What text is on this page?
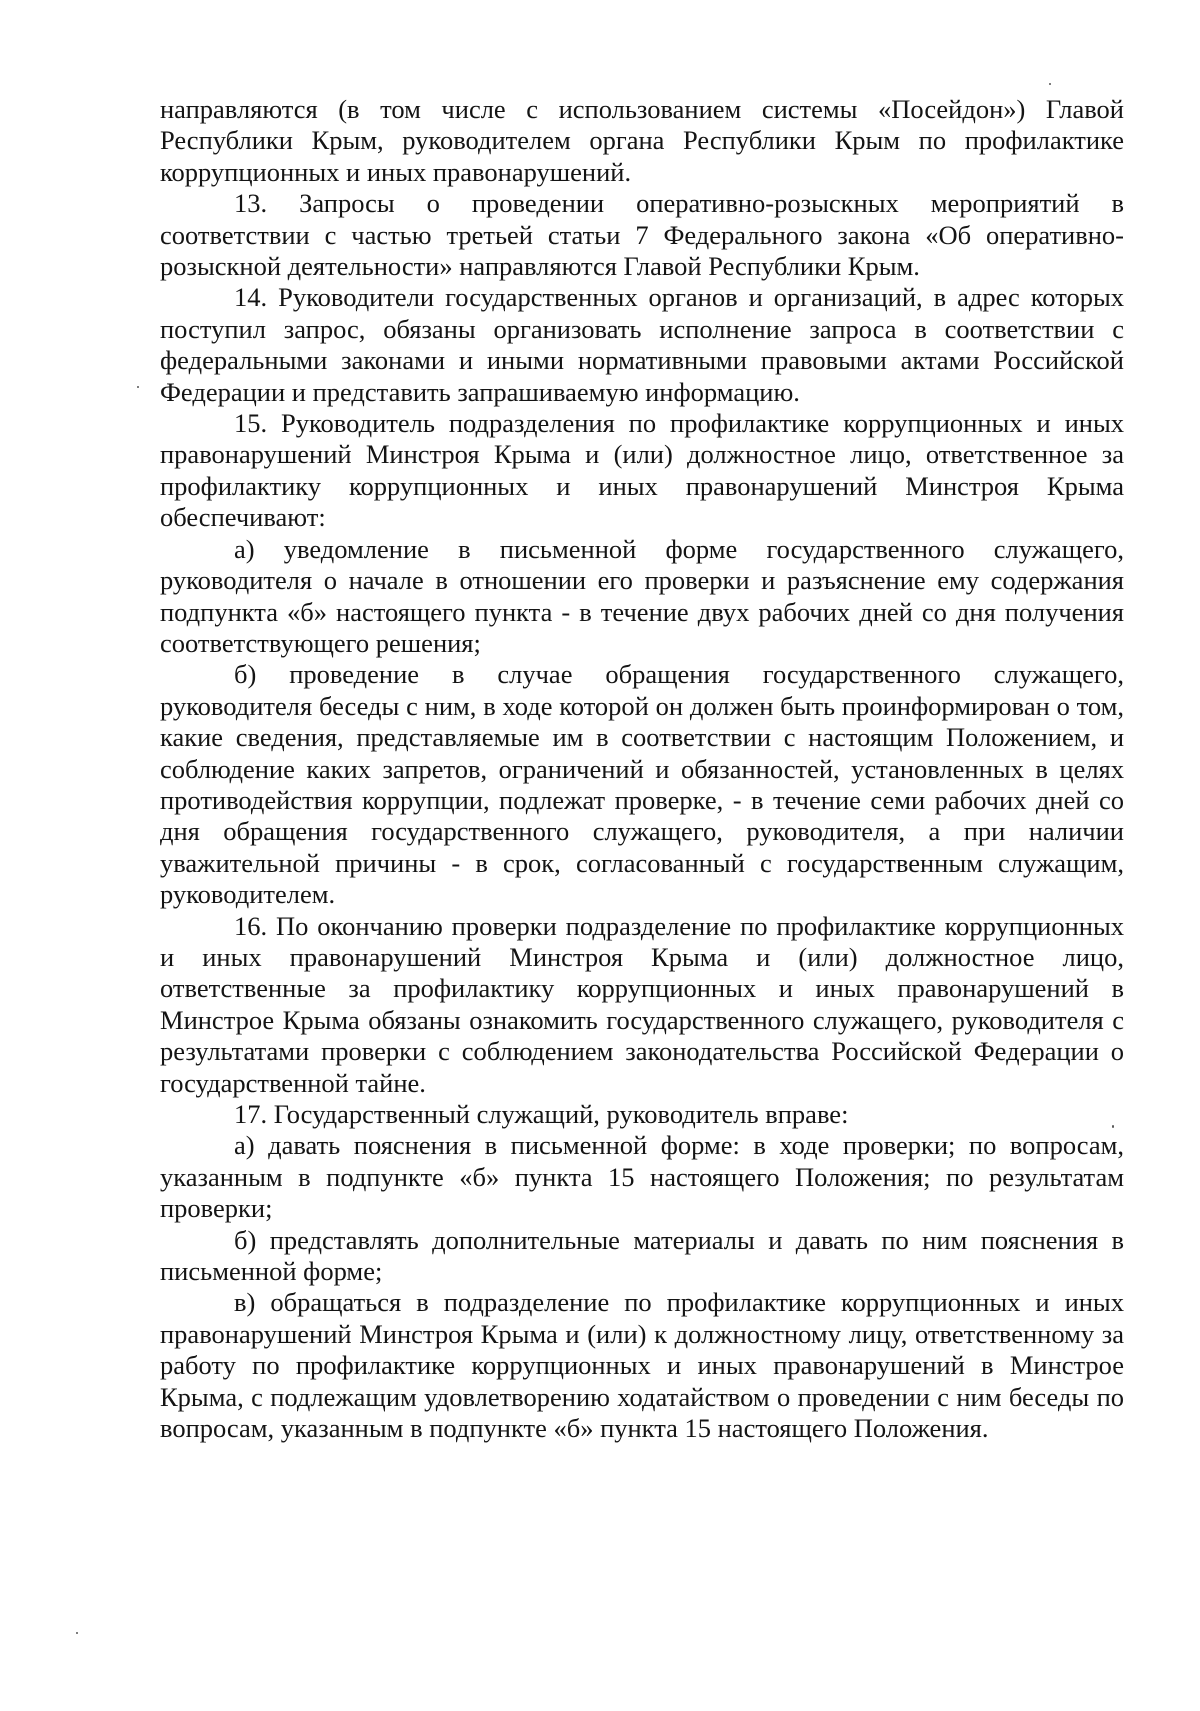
направляются (в том числе с использованием системы «Посейдон») Главой Республики Крым, руководителем органа Республики Крым по профилактике коррупционных и иных правонарушений.

13. Запросы о проведении оперативно-розыскных мероприятий в соответствии с частью третьей статьи 7 Федерального закона «Об оперативно-розыскной деятельности» направляются Главой Республики Крым.

14. Руководители государственных органов и организаций, в адрес которых поступил запрос, обязаны организовать исполнение запроса в соответствии с федеральными законами и иными нормативными правовыми актами Российской Федерации и представить запрашиваемую информацию.

15. Руководитель подразделения по профилактике коррупционных и иных правонарушений Минстроя Крыма и (или) должностное лицо, ответственное за профилактику коррупционных и иных правонарушений Минстроя Крыма обеспечивают:

а) уведомление в письменной форме государственного служащего, руководителя о начале в отношении его проверки и разъяснение ему содержания подпункта «б» настоящего пункта - в течение двух рабочих дней со дня получения соответствующего решения;

б) проведение в случае обращения государственного служащего, руководителя беседы с ним, в ходе которой он должен быть проинформирован о том, какие сведения, представляемые им в соответствии с настоящим Положением, и соблюдение каких запретов, ограничений и обязанностей, установленных в целях противодействия коррупции, подлежат проверке, - в течение семи рабочих дней со дня обращения государственного служащего, руководителя, а при наличии уважительной причины - в срок, согласованный с государственным служащим, руководителем.

16. По окончанию проверки подразделение по профилактике коррупционных и иных правонарушений Минстроя Крыма и (или) должностное лицо, ответственные за профилактику коррупционных и иных правонарушений в Минстрое Крыма обязаны ознакомить государственного служащего, руководителя с результатами проверки с соблюдением законодательства Российской Федерации о государственной тайне.

17. Государственный служащий, руководитель вправе:

а) давать пояснения в письменной форме: в ходе проверки; по вопросам, указанным в подпункте «б» пункта 15 настоящего Положения; по результатам проверки;

б) представлять дополнительные материалы и давать по ним пояснения в письменной форме;

в) обращаться в подразделение по профилактике коррупционных и иных правонарушений Минстроя Крыма и (или) к должностному лицу, ответственному за работу по профилактике коррупционных и иных правонарушений в Минстрое Крыма, с подлежащим удовлетворению ходатайством о проведении с ним беседы по вопросам, указанным в подпункте «б» пункта 15 настоящего Положения.
